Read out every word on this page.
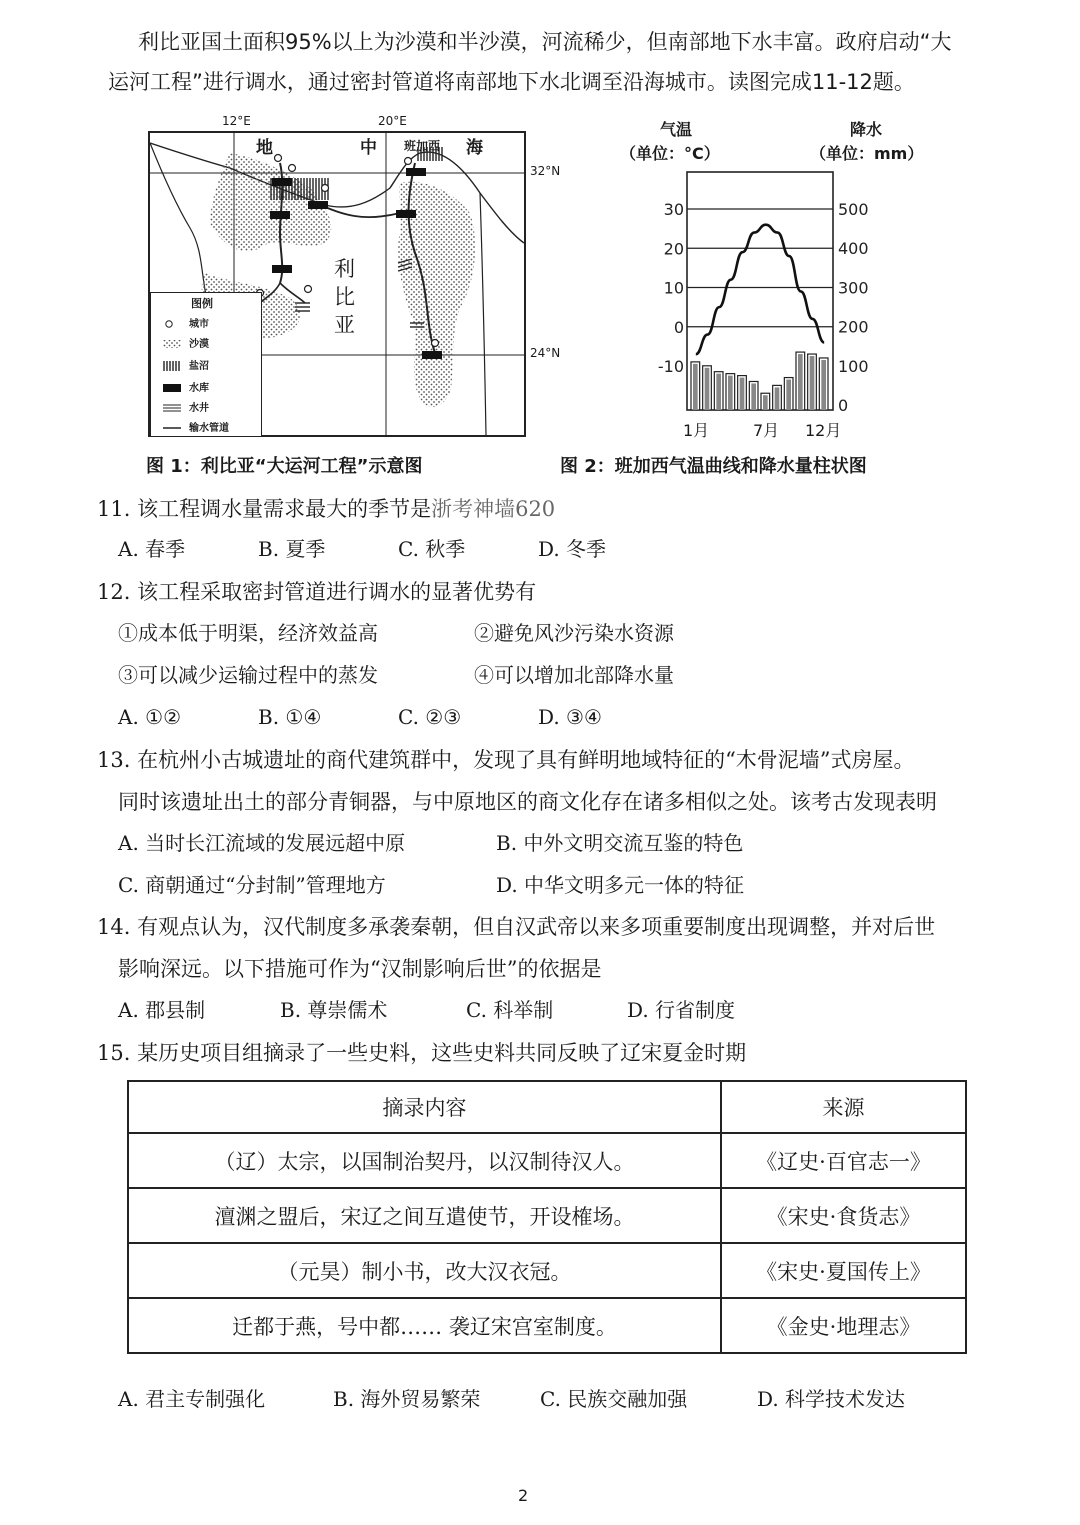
利比亚国土面积95%以上为沙漠和半沙漠，河流稀少，但南部地下水丰富。政府启动“大
运河工程”进行调水，通过密封管道将南部地下水北调至沿海城市。读图完成11-12题。
12°E	20°E
32°N
24°N
地	中	海
班加西
利
比
亚
图例
城市
沙漠
盐沼
水库
水井
输水管道
气温
（单位：°C）
降水
（单位：mm）
30
20
10
0
-10
500
400
300
200
100
0
1月	7月 12月
图 1：利比亚“大运河工程”示意图	图 2：班加西气温曲线和降水量柱状图
11. 该工程调水量需求最大的季节是浙考神墙620
A. 春季	B. 夏季	C. 秋季	D. 冬季
12. 该工程采取密封管道进行调水的显著优势有
①成本低于明渠，经济效益高	②避免风沙污染水资源
③可以减少运输过程中的蒸发	④可以增加北部降水量
A. ①②	B. ①④	C. ②③	D. ③④
13. 在杭州小古城遗址的商代建筑群中，发现了具有鲜明地域特征的“木骨泥墙”式房屋。
同时该遗址出土的部分青铜器，与中原地区的商文化存在诸多相似之处。该考古发现表明
A. 当时长江流域的发展远超中原	B. 中外文明交流互鉴的特色
C. 商朝通过“分封制”管理地方	D. 中华文明多元一体的特征
14. 有观点认为，汉代制度多承袭秦朝，但自汉武帝以来多项重要制度出现调整，并对后世
影响深远。以下措施可作为“汉制影响后世”的依据是
A. 郡县制	B. 尊崇儒术	C. 科举制	D. 行省制度
15. 某历史项目组摘录了一些史料，这些史料共同反映了辽宋夏金时期
摘录内容	来源
（辽）太宗，以国制治契丹，以汉制待汉人。	《辽史·百官志一》
澶渊之盟后，宋辽之间互遣使节，开设榷场。	《宋史·食货志》
（元昊）制小书，改大汉衣冠。	《宋史·夏国传上》
迁都于燕，号中都…… 袭辽宋宫室制度。	《金史·地理志》
A. 君主专制强化	B. 海外贸易繁荣	C. 民族交融加强	D. 科学技术发达
2
